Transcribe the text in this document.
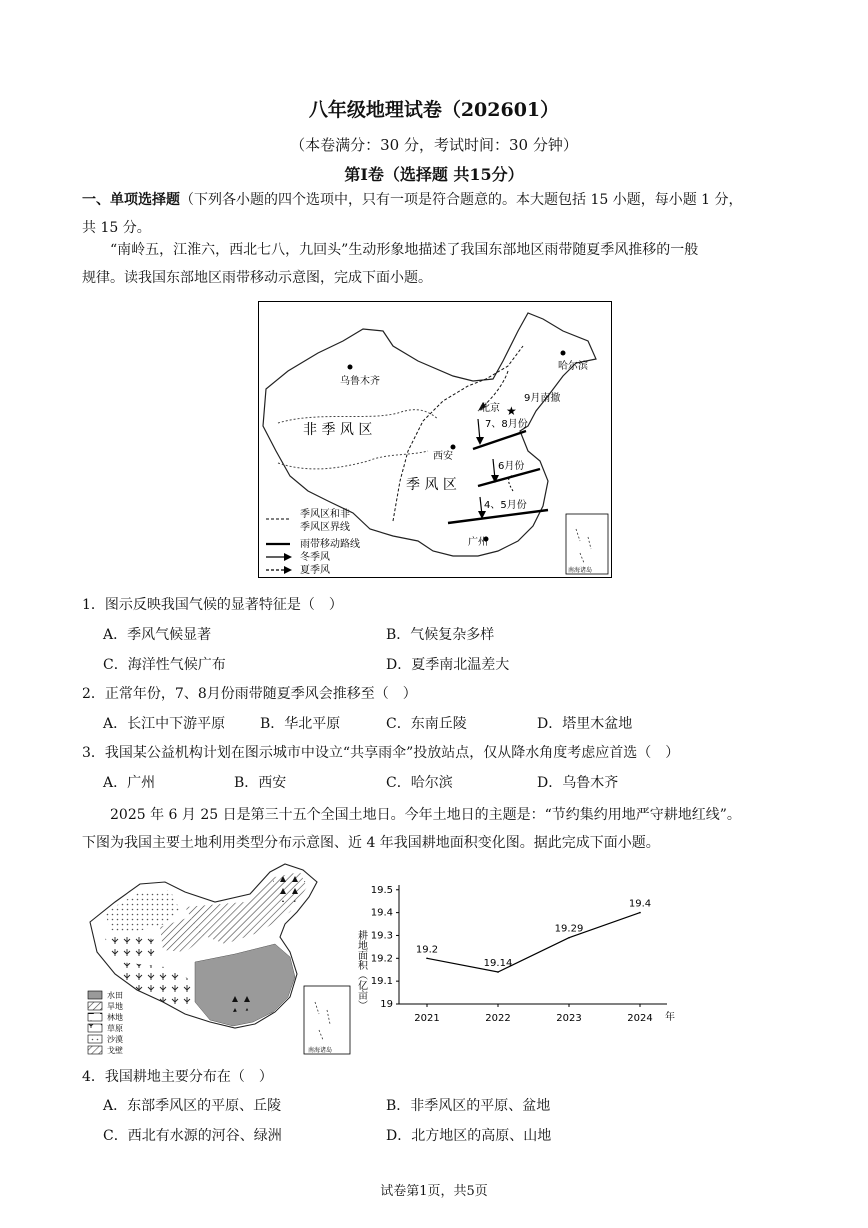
八年级地理试卷（202601）
（本卷满分：30 分，考试时间：30 分钟）
第Ⅰ卷（选择题 共15分）
一、单项选择题（下列各小题的四个选项中，只有一项是符合题意的。本大题包括 15 小题，每小题 1 分，
共 15 分。
“南岭五，江淮六，西北七八，九回头”生动形象地描述了我国东部地区雨带随夏季风推移的一般
规律。读我国东部地区雨带移动示意图，完成下面小题。
★
乌鲁木齐
哈尔滨
北京
西安
广州
非 季 风 区
季 风 区
9月南撤
7、8月份
6月份
4、5月份
季风区和非
季风区界线
雨带移动路线
冬季风
夏季风	南海诸岛
1．图示反映我国气候的显著特征是（　）
A．季风气候显著	B．气候复杂多样
C．海洋性气候广布	D．夏季南北温差大
2．正常年份，7、8月份雨带随夏季风会推移至（　）
A．长江中下游平原 B．华北平原	C．东南丘陵	D．塔里木盆地
3．我国某公益机构计划在图示城市中设立“共享雨伞”投放站点，仅从降水角度考虑应首选（　）
A．广州	B．西安	C．哈尔滨	D．乌鲁木齐
2025 年 6 月 25 日是第三十五个全国土地日。今年土地日的主题是：“节约集约用地严守耕地红线”。
下图为我国主要土地利用类型分布示意图、近 4 年我国耕地面积变化图。据此完成下面小题。
水田
旱地
林地
草原
沙漠
戈壁	南海诸岛
耕地面积（亿亩） 19
19.1
19.2
19.3
19.4
19.5
2021	2022	2023	2024
19.2
19.14
19.29
19.4
年
4．我国耕地主要分布在（　）
A．东部季风区的平原、丘陵	B．非季风区的平原、盆地
C．西北有水源的河谷、绿洲	D．北方地区的高原、山地
试卷第1页，共5页
